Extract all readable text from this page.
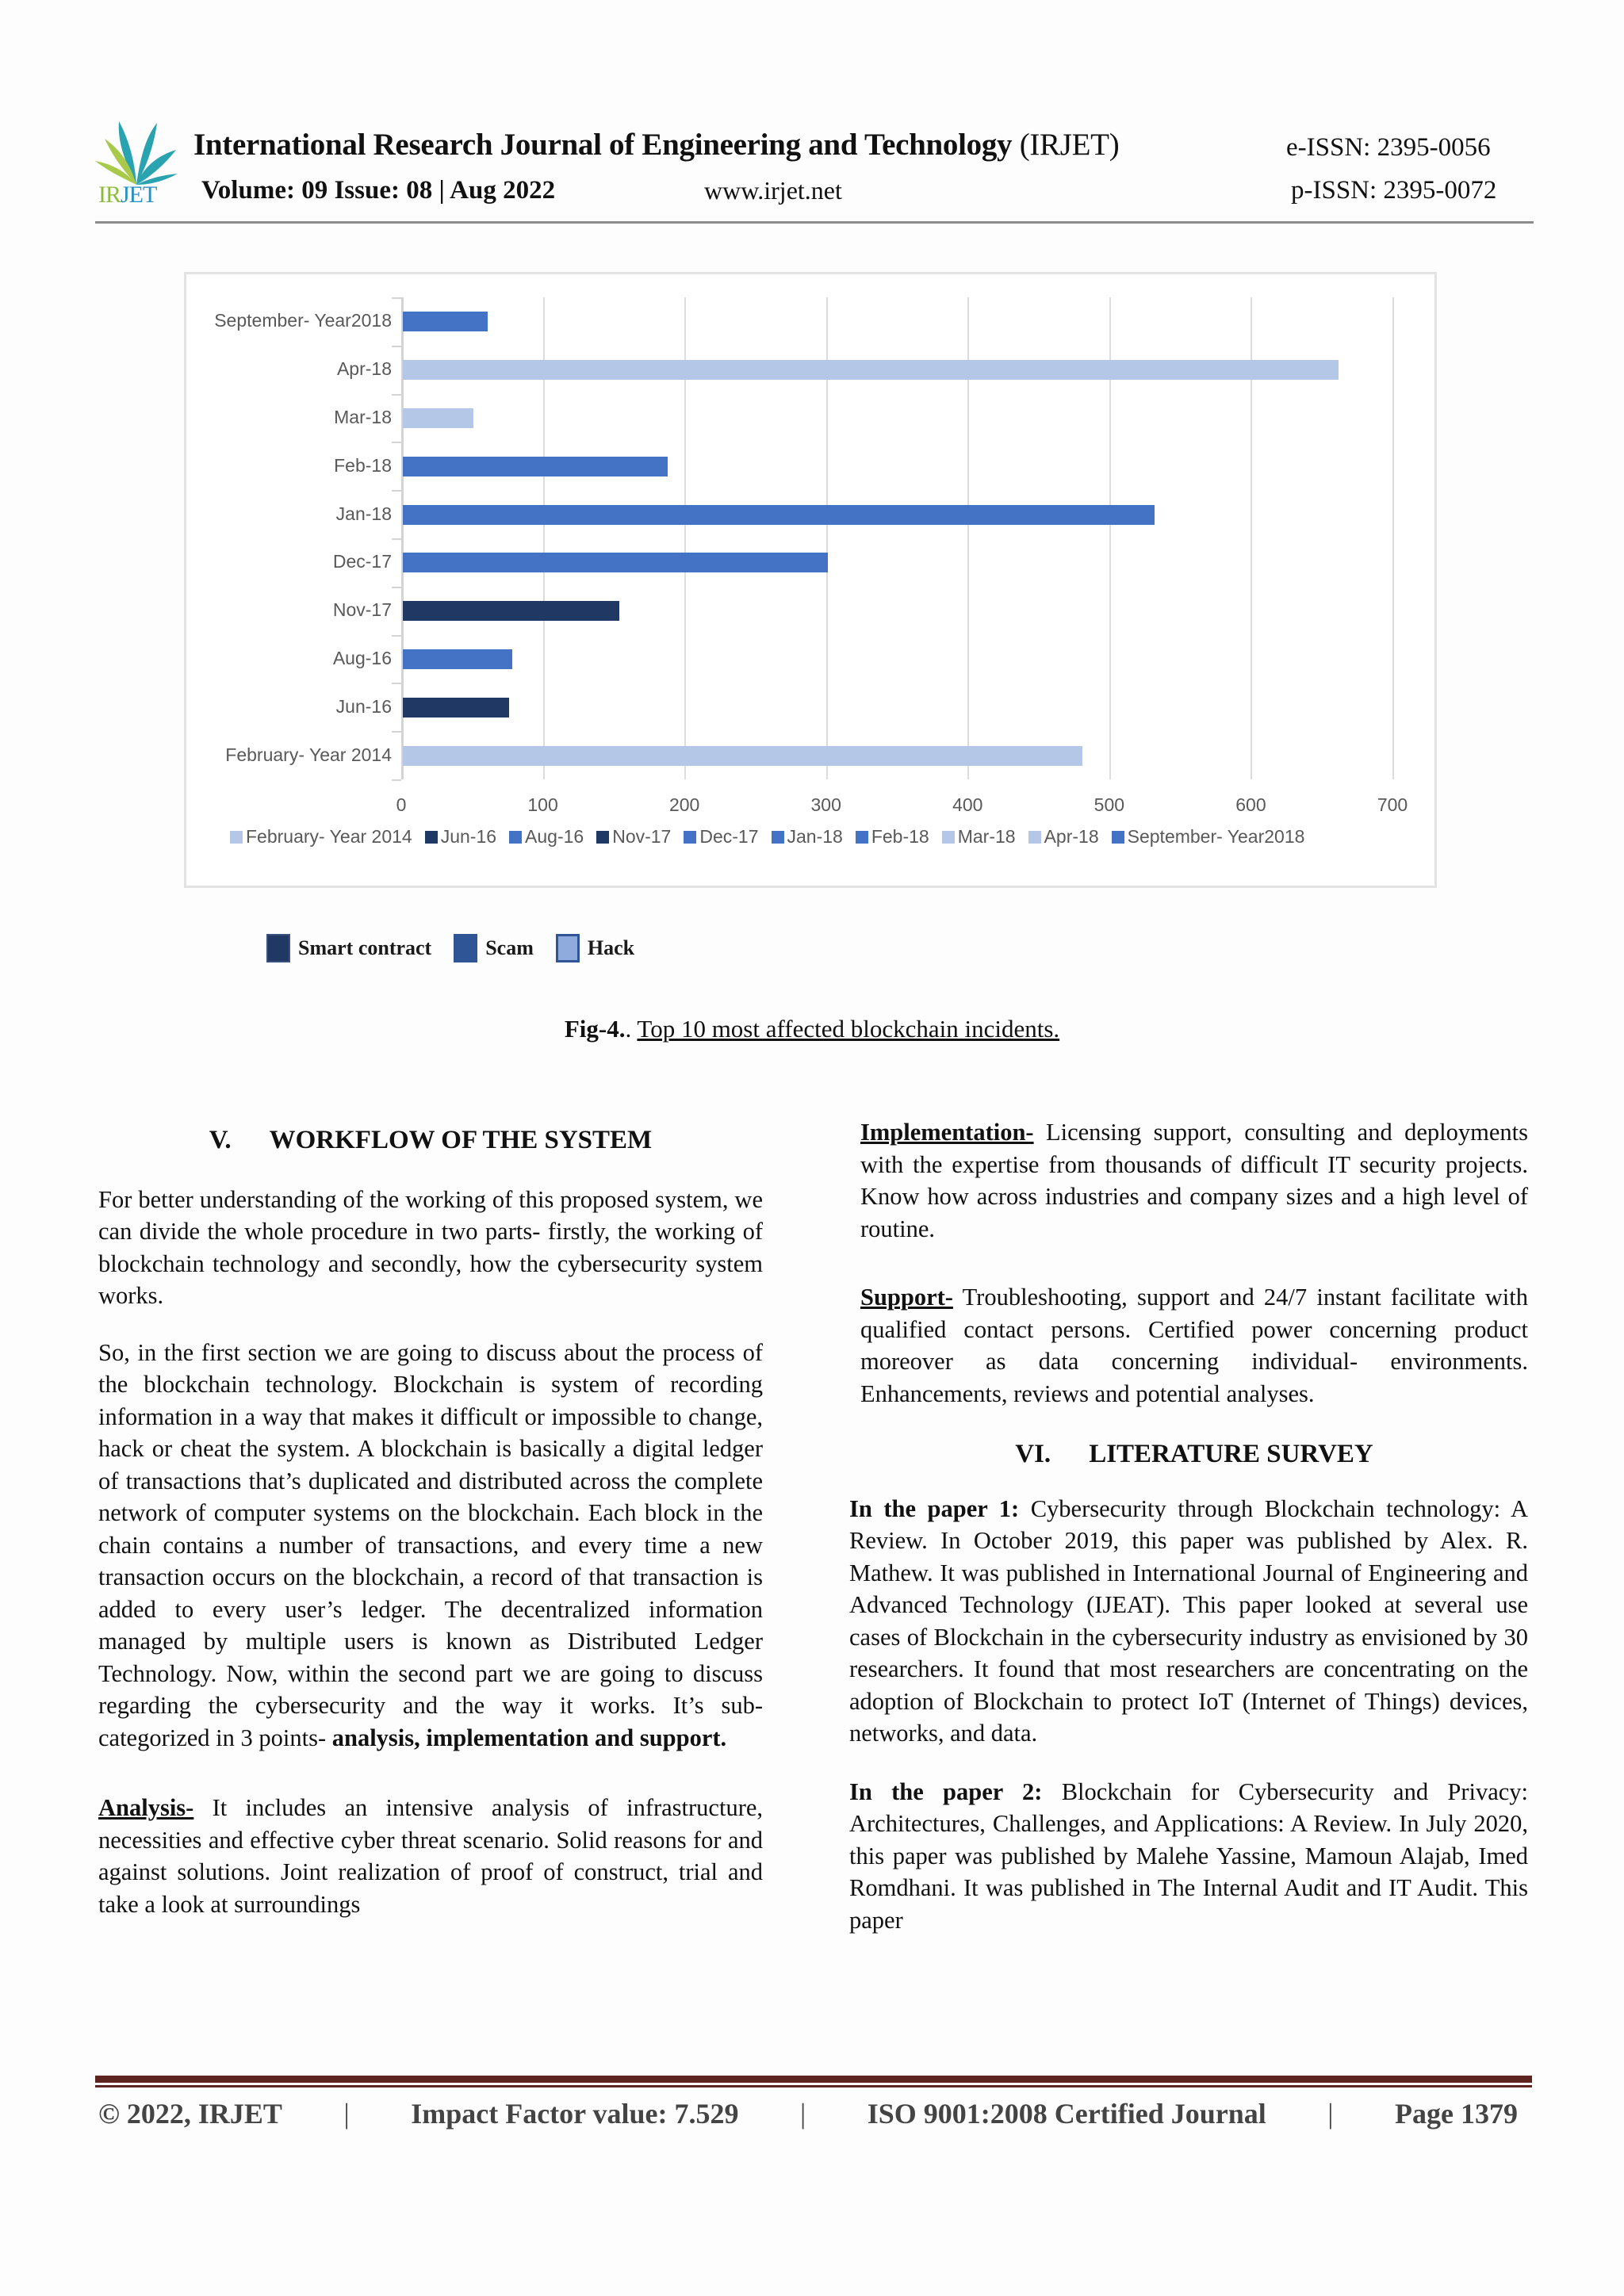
IRJET
International Research Journal of Engineering and Technology (IRJET)	e-ISSN: 2395-0056
Volume: 09 Issue: 08 | Aug 2022	www.irjet.net	p-ISSN: 2395-0072
September- Year2018
Apr-18
Mar-18
Feb-18
Jan-18
Dec-17
Nov-17
Aug-16
Jun-16
February- Year 2014
0	100	200	300	400	500	600	700
February- Year 2014 Jun-16 Aug-16 Nov-17 Dec-17 Jan-18 Feb-18 Mar-18 Apr-18 September- Year2018
Smart contract	Scam	Hack
Fig-4.. Top 10 most affected blockchain incidents.
V. WORKFLOW OF THE SYSTEM

For better understanding of the working of this proposed system, we can divide the whole procedure in two parts- firstly, the working of blockchain technology and secondly, how the cybersecurity system works.

So, in the first section we are going to discuss about the process of the blockchain technology. Blockchain is system of recording information in a way that makes it difficult or impossible to change, hack or cheat the system. A blockchain is basically a digital ledger of transactions that’s duplicated and distributed across the complete network of computer systems on the blockchain. Each block in the chain contains a number of transactions, and every time a new transaction occurs on the blockchain, a record of that transaction is added to every user’s ledger. The decentralized information managed by multiple users is known as Distributed Ledger Technology. Now, within the second part we are going to discuss regarding the cybersecurity and the way it works. It’s sub-categorized in 3 points- analysis, implementation and support.

Analysis- It includes an intensive analysis of infrastructure, necessities and effective cyber threat scenario. Solid reasons for and against solutions. Joint realization of proof of construct, trial and take a look at surroundings

Implementation- Licensing support, consulting and deployments with the expertise from thousands of difficult IT security projects. Know how across industries and company sizes and a high level of routine.

Support- Troubleshooting, support and 24/7 instant facilitate with qualified contact persons. Certified power concerning product moreover as data concerning individual- environments. Enhancements, reviews and potential analyses.

VI. LITERATURE SURVEY

In the paper 1: Cybersecurity through Blockchain technology: A Review. In October 2019, this paper was published by Alex. R. Mathew. It was published in International Journal of Engineering and Advanced Technology (IJEAT). This paper looked at several use cases of Blockchain in the cybersecurity industry as envisioned by 30 researchers. It found that most researchers are concentrating on the adoption of Blockchain to protect IoT (Internet of Things) devices, networks, and data.

In the paper 2: Blockchain for Cybersecurity and Privacy: Architectures, Challenges, and Applications: A Review. In July 2020, this paper was published by Malehe Yassine, Mamoun Alajab, Imed Romdhani. It was published in The Internal Audit and IT Audit. This paper

© 2022, IRJET | Impact Factor value: 7.529 | ISO 9001:2008 Certified Journal | Page 1379
